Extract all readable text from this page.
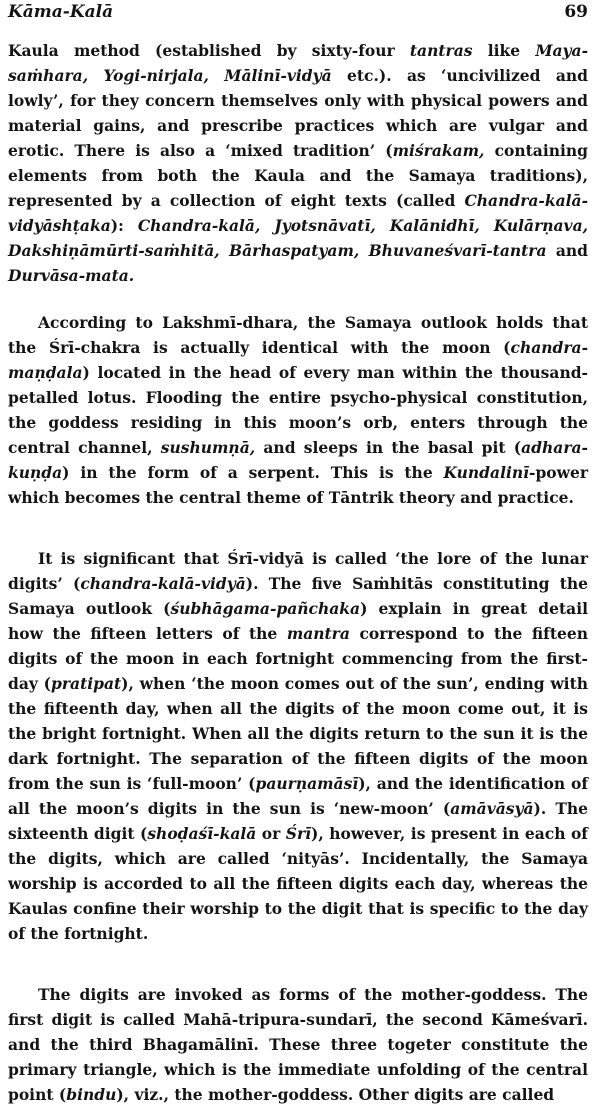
Kāma-Kalā	69

Kaula method (established by sixty-four tantras like Maya-saṁhara, Yogi-nirjala, Mālinī-vidyā etc.). as ‘uncivilized and lowly’, for they concern themselves only with physical powers and material gains, and prescribe practices which are vulgar and erotic. There is also a ‘mixed tradition’ (miśrakam, containing elements from both the Kaula and the Samaya traditions), represented by a collection of eight texts (called Chandra-kalā-vidyāshṭaka): Chandra-kalā, Jyotsnāvatī, Kalānidhī, Kulārṇava, Dakshiṇāmūrti-saṁhitā, Bārhaspatyam, Bhuvaneśvarī-tantra and Durvāsa-mata.

According to Lakshmī-dhara, the Samaya outlook holds that the Śrī-chakra is actually identical with the moon (chandra-maṇḍala) located in the head of every man within the thousand-petalled lotus. Flooding the entire psycho-physical constitution, the goddess residing in this moon’s orb, enters through the central channel, sushumṇā, and sleeps in the basal pit (adhara-kuṇḍa) in the form of a serpent. This is the Kundalinī-power which becomes the central theme of Tāntrik theory and practice.

It is significant that Śrī-vidyā is called ‘the lore of the lunar digits’ (chandra-kalā-vidyā). The five Saṁhitās constituting the Samaya outlook (śubhāgama-pañchaka) explain in great detail how the fifteen letters of the mantra correspond to the fifteen digits of the moon in each fortnight commencing from the first-day (pratipat), when ‘the moon comes out of the sun’, ending with the fifteenth day, when all the digits of the moon come out, it is the bright fortnight. When all the digits return to the sun it is the dark fortnight. The separation of the fifteen digits of the moon from the sun is ‘full-moon’ (paurṇamāsī), and the identification of all the moon’s digits in the sun is ‘new-moon’ (amāvāsyā). The sixteenth digit (shoḍaśī-kalā or Śrī), however, is present in each of the digits, which are called ‘nityās’. Incidentally, the Samaya worship is accorded to all the fifteen digits each day, whereas the Kaulas confine their worship to the digit that is specific to the day of the fortnight.

The digits are invoked as forms of the mother-goddess. The first digit is called Mahā-tripura-sundarī, the second Kāmeśvarī. and the third Bhagamālinī. These three togeter constitute the primary triangle, which is the immediate unfolding of the central point (bindu), viz., the mother-goddess. Other digits are called
